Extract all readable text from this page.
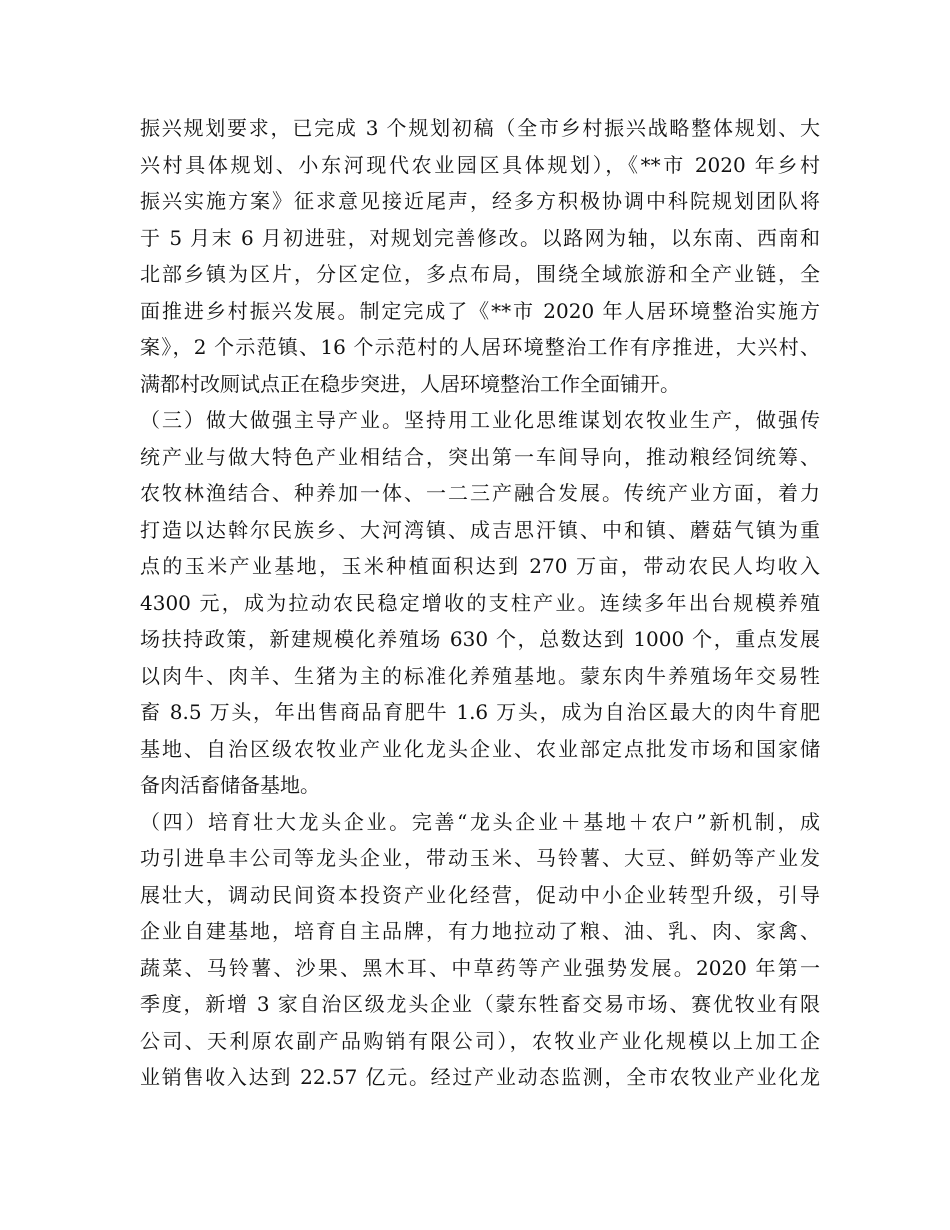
振兴规划要求，已完成 3 个规划初稿（全市乡村振兴战略整体规划、大
兴村具体规划、小东河现代农业园区具体规划），《**市 2020 年乡村
振兴实施方案》征求意见接近尾声，经多方积极协调中科院规划团队将
于 5 月末 6 月初进驻，对规划完善修改。以路网为轴，以东南、西南和
北部乡镇为区片，分区定位，多点布局，围绕全域旅游和全产业链，全
面推进乡村振兴发展。制定完成了《**市 2020 年人居环境整治实施方
案》，2 个示范镇、16 个示范村的人居环境整治工作有序推进，大兴村、
满都村改厕试点正在稳步突进，人居环境整治工作全面铺开。
（三）做大做强主导产业。坚持用工业化思维谋划农牧业生产，做强传
统产业与做大特色产业相结合，突出第一车间导向，推动粮经饲统筹、
农牧林渔结合、种养加一体、一二三产融合发展。传统产业方面，着力
打造以达斡尔民族乡、大河湾镇、成吉思汗镇、中和镇、蘑菇气镇为重
点的玉米产业基地，玉米种植面积达到 270 万亩，带动农民人均收入
4300 元，成为拉动农民稳定增收的支柱产业。连续多年出台规模养殖
场扶持政策，新建规模化养殖场 630 个，总数达到 1000 个，重点发展
以肉牛、肉羊、生猪为主的标准化养殖基地。蒙东肉牛养殖场年交易牲
畜 8.5 万头，年出售商品育肥牛 1.6 万头，成为自治区最大的肉牛育肥
基地、自治区级农牧业产业化龙头企业、农业部定点批发市场和国家储
备肉活畜储备基地。
（四）培育壮大龙头企业。完善“龙头企业＋基地＋农户”新机制，成
功引进阜丰公司等龙头企业，带动玉米、马铃薯、大豆、鲜奶等产业发
展壮大，调动民间资本投资产业化经营，促动中小企业转型升级，引导
企业自建基地，培育自主品牌，有力地拉动了粮、油、乳、肉、家禽、
蔬菜、马铃薯、沙果、黑木耳、中草药等产业强势发展。2020 年第一
季度，新增 3 家自治区级龙头企业（蒙东牲畜交易市场、赛优牧业有限
公司、天利原农副产品购销有限公司），农牧业产业化规模以上加工企
业销售收入达到 22.57 亿元。经过产业动态监测，全市农牧业产业化龙
